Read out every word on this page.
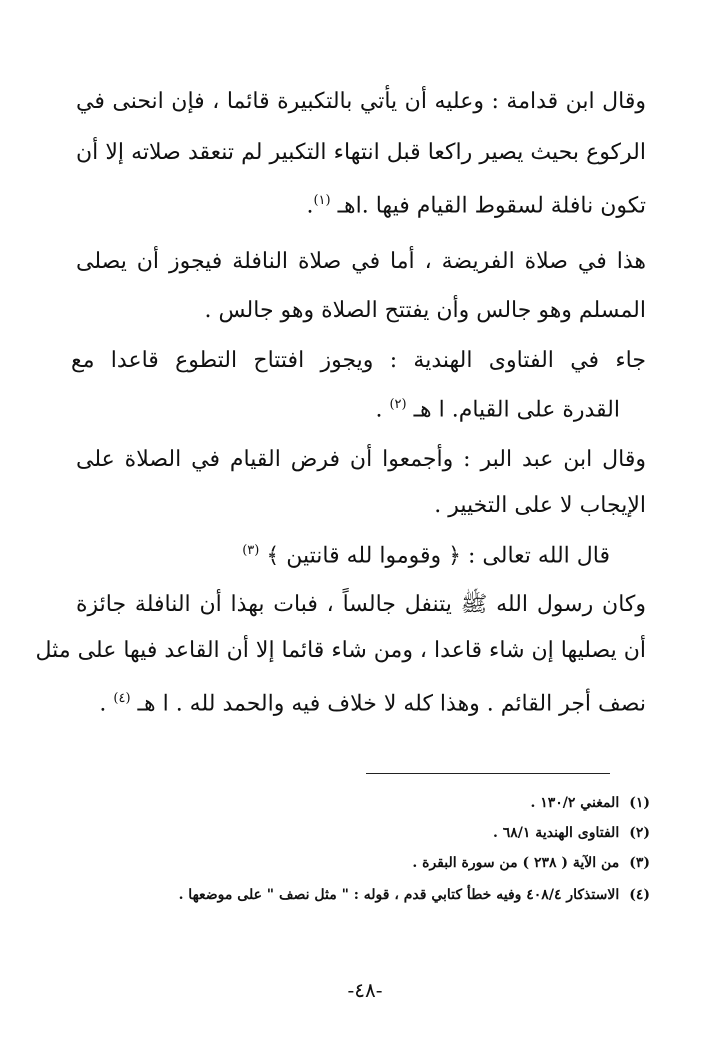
وقال ابن قدامة : وعليه أن يأتي بالتكبيرة قائما ، فإن انحنى في
الركوع بحيث يصير راكعا قبل انتهاء التكبير لم تنعقد صلاته إلا أن
تكون نافلة لسقوط القيام فيها .اهـ $^{(١)}$.
هذا في صلاة الفريضة ، أما في صلاة النافلة فيجوز أن يصلى
المسلم وهو جالس وأن يفتتح الصلاة وهو جالس .
جاء في الفتاوى الهندية : ويجوز افتتاح التطوع قاعدا مع
القدرة على القيام. ا هـ $^{(٢)}$ .
وقال ابن عبد البر : وأجمعوا أن فرض القيام في الصلاة على
الإيجاب لا على التخيير .
قال الله تعالى : ﴿ وقوموا لله قانتين ﴾ $^{(٣)}$
وكان رسول الله ﷺ يتنفل جالساً ، فبات بهذا أن النافلة جائزة
أن يصليها إن شاء قاعدا ، ومن شاء قائما إلا أن القاعد فيها على مثل
نصف أجر القائم . وهذا كله لا خلاف فيه والحمد لله . ا هـ $^{(٤)}$ .
(١)المغني ١٣٠/٢ .
(٢)الفتاوى الهندية ٦٨/١ .
(٣)من الآية ( ٢٣٨ ) من سورة البقرة .
(٤)الاستذكار ٤٠٨/٤ وفيه خطأ كتابي قدم ، قوله : " مثل نصف " على موضعها .
-٤٨-
